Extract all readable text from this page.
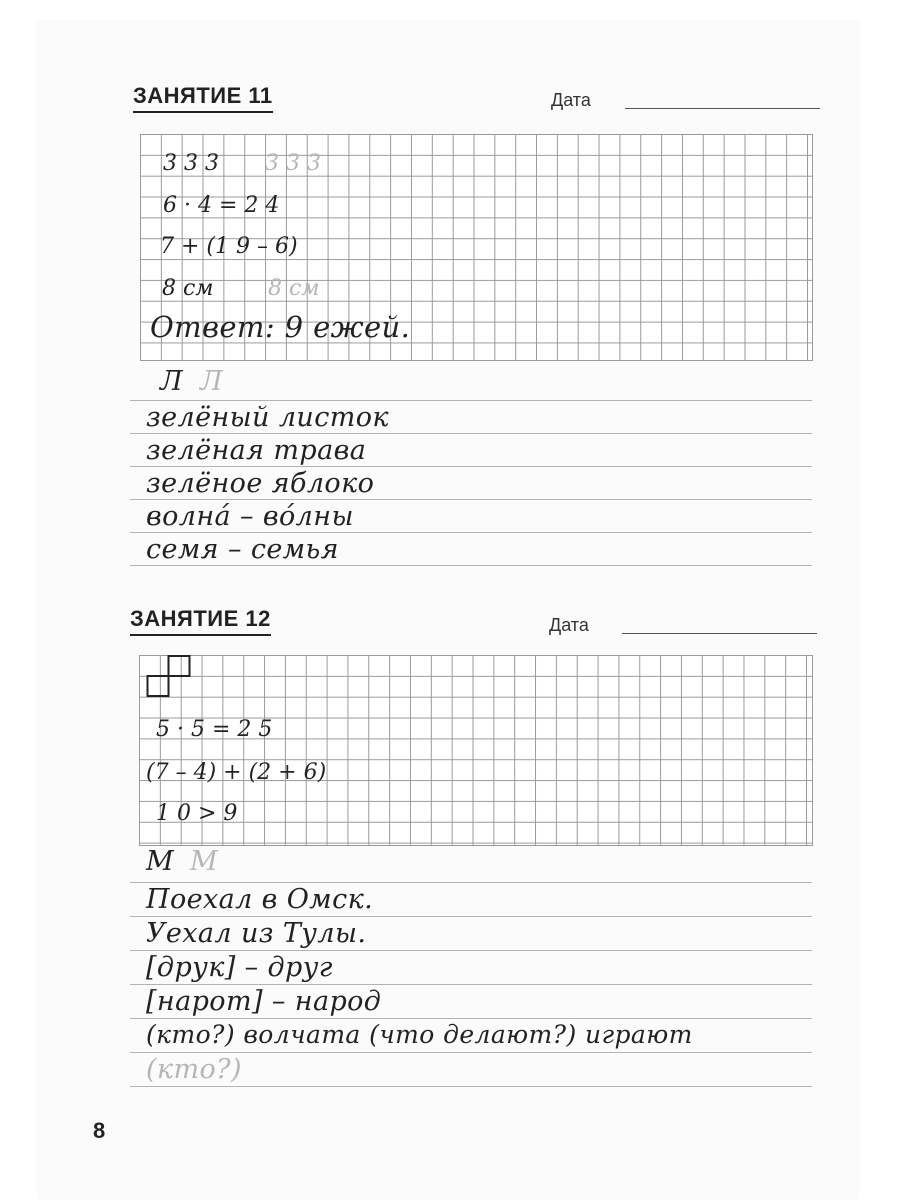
ЗАНЯТИЕ 11	Дата
3 3 3 3 3 3
6 · 4 = 2 4
7 + (1 9 – 6)
8 см 8 см
Ответ: 9 ежей.
Л Л
зелёный листок
зелёная трава
зелёное яблоко
волна́ – во́лны
семя – семья
ЗАНЯТИЕ 12	Дата
5 · 5 = 2 5
(7 – 4) + (2 + 6)
1 0 > 9
М М
Поехал в Омск.
Уехал из Тулы.
[друк] – друг
[нарот] – народ
(кто?) волчата (что делают?) играют
(кто?)
8
